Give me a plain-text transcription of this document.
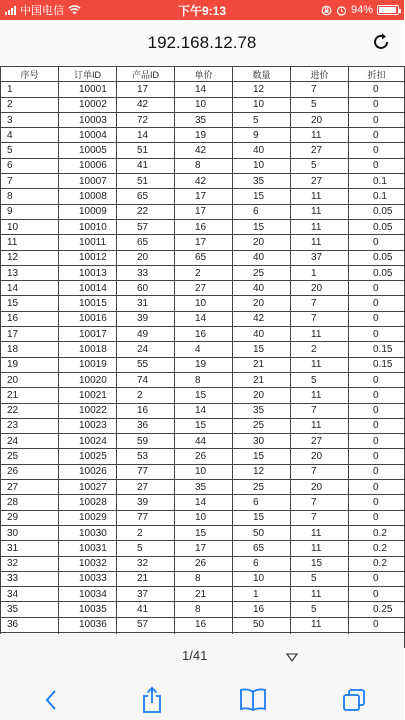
中国电信	下午9:13	94%
192.168.12.78
序号	订单ID	产品ID	单价	数量	进价	折扣
1	10001	17	14	12	7	0
2	10002	42	10	10	5	0
3	10003	72	35	5	20	0
4	10004	14	19	9	11	0
5	10005	51	42	40	27	0
6	10006	41	8	10	5	0
7	10007	51	42	35	27	0.1
8	10008	65	17	15	11	0.1
9	10009	22	17	6	11	0.05
10	10010	57	16	15	11	0.05
11	10011	65	17	20	11	0
12	10012	20	65	40	37	0.05
13	10013	33	2	25	1	0.05
14	10014	60	27	40	20	0
15	10015	31	10	20	7	0
16	10016	39	14	42	7	0
17	10017	49	16	40	11	0
18	10018	24	4	15	2	0.15
19	10019	55	19	21	11	0.15
20	10020	74	8	21	5	0
21	10021	2	15	20	11	0
22	10022	16	14	35	7	0
23	10023	36	15	25	11	0
24	10024	59	44	30	27	0
25	10025	53	26	15	20	0
26	10026	77	10	12	7	0
27	10027	27	35	25	20	0
28	10028	39	14	6	7	0
29	10029	77	10	15	7	0
30	10030	2	15	50	11	0.2
31	10031	5	17	65	11	0.2
32	10032	32	26	6	15	0.2
33	10033	21	8	10	5	0
34	10034	37	21	1	11	0
35	10035	41	8	16	5	0.25
36	10036	57	16	50	11	0

1/41
